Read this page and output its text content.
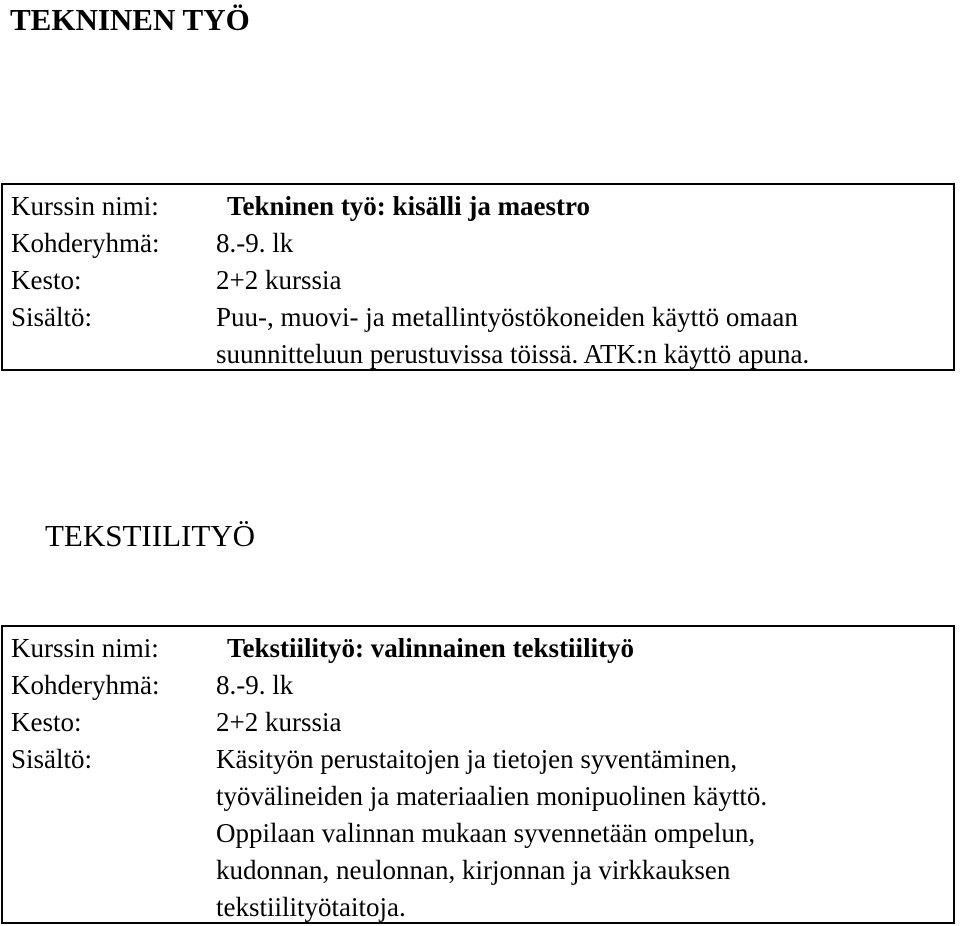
TEKNINEN TYÖ
Kurssin nimi:	Tekninen työ: kisälli ja maestro
Kohderyhmä:	8.-9. lk
Kesto:	2+2 kurssia
Sisältö:	Puu-, muovi- ja metallintyöstökoneiden käyttö omaan
suunnitteluun perustuvissa töissä. ATK:n käyttö apuna.
TEKSTIILITYÖ
Kurssin nimi:	Tekstiilityö: valinnainen tekstiilityö
Kohderyhmä:	8.-9. lk
Kesto:	2+2 kurssia
Sisältö:	Käsityön perustaitojen ja tietojen syventäminen,
työvälineiden ja materiaalien monipuolinen käyttö.
Oppilaan valinnan mukaan syvennetään ompelun,
kudonnan, neulonnan, kirjonnan ja virkkauksen
tekstiilityötaitoja.
